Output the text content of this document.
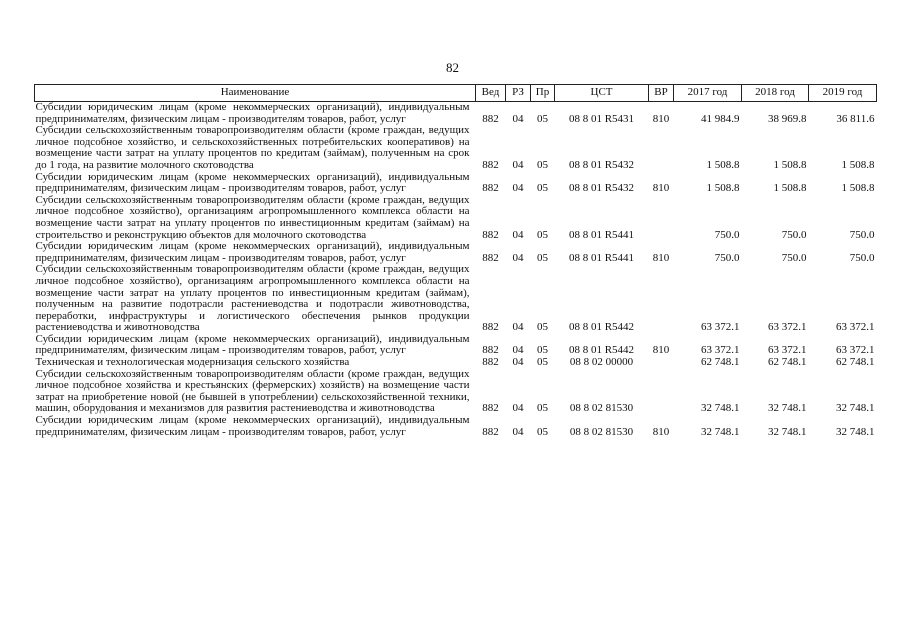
82
Наименование	Вед	РЗ	Пр	ЦСТ	ВР	2017 год	2018 год	2019 год
Субсидии юридическим лицам (кроме некоммерческих организаций), индивидуальным предпринимателям, физическим лицам - производителям товаров, работ, услуг	882	04	05	08 8 01 R5431	810	41 984.9	38 969.8	36 811.6
Субсидии сельскохозяйственным товаропроизводителям области (кроме граждан, ведущих личное подсобное хозяйство, и сельскохозяйственных потребительских кооперативов) на возмещение части затрат на уплату процентов по кредитам (займам), полученным на срок до 1 года, на развитие молочного скотоводства	882	04	05	08 8 01 R5432		1 508.8	1 508.8	1 508.8
Субсидии юридическим лицам (кроме некоммерческих организаций), индивидуальным предпринимателям, физическим лицам - производителям товаров, работ, услуг	882	04	05	08 8 01 R5432	810	1 508.8	1 508.8	1 508.8
Субсидии сельскохозяйственным товаропроизводителям области (кроме граждан, ведущих личное подсобное хозяйство), организациям агропромышленного комплекса области на возмещение части затрат на уплату процентов по инвестиционным кредитам (займам) на строительство и реконструкцию объектов для молочного скотоводства	882	04	05	08 8 01 R5441		750.0	750.0	750.0
Субсидии юридическим лицам (кроме некоммерческих организаций), индивидуальным предпринимателям, физическим лицам - производителям товаров, работ, услуг	882	04	05	08 8 01 R5441	810	750.0	750.0	750.0
Субсидии сельскохозяйственным товаропроизводителям области (кроме граждан, ведущих личное подсобное хозяйство), организациям агропромышленного комплекса области на возмещение части затрат на уплату процентов по инвестиционным кредитам (займам), полученным на развитие подотрасли растениеводства и подотрасли животноводства, переработки, инфраструктуры и логистического обеспечения рынков продукции растениеводства и животноводства	882	04	05	08 8 01 R5442		63 372.1	63 372.1	63 372.1
Субсидии юридическим лицам (кроме некоммерческих организаций), индивидуальным предпринимателям, физическим лицам - производителям товаров, работ, услуг	882	04	05	08 8 01 R5442	810	63 372.1	63 372.1	63 372.1
Техническая и технологическая модернизация сельского хозяйства	882	04	05	08 8 02 00000		62 748.1	62 748.1	62 748.1
Субсидии сельскохозяйственным товаропроизводителям области (кроме граждан, ведущих личное подсобное хозяйства и крестьянских (фермерских) хозяйств) на возмещение части затрат на приобретение новой (не бывшей в употреблении) сельскохозяйственной техники, машин, оборудования и механизмов для развития растениеводства и животноводства	882	04	05	08 8 02 81530		32 748.1	32 748.1	32 748.1
Субсидии юридическим лицам (кроме некоммерческих организаций), индивидуальным предпринимателям, физическим лицам - производителям товаров, работ, услуг	882	04	05	08 8 02 81530	810	32 748.1	32 748.1	32 748.1
